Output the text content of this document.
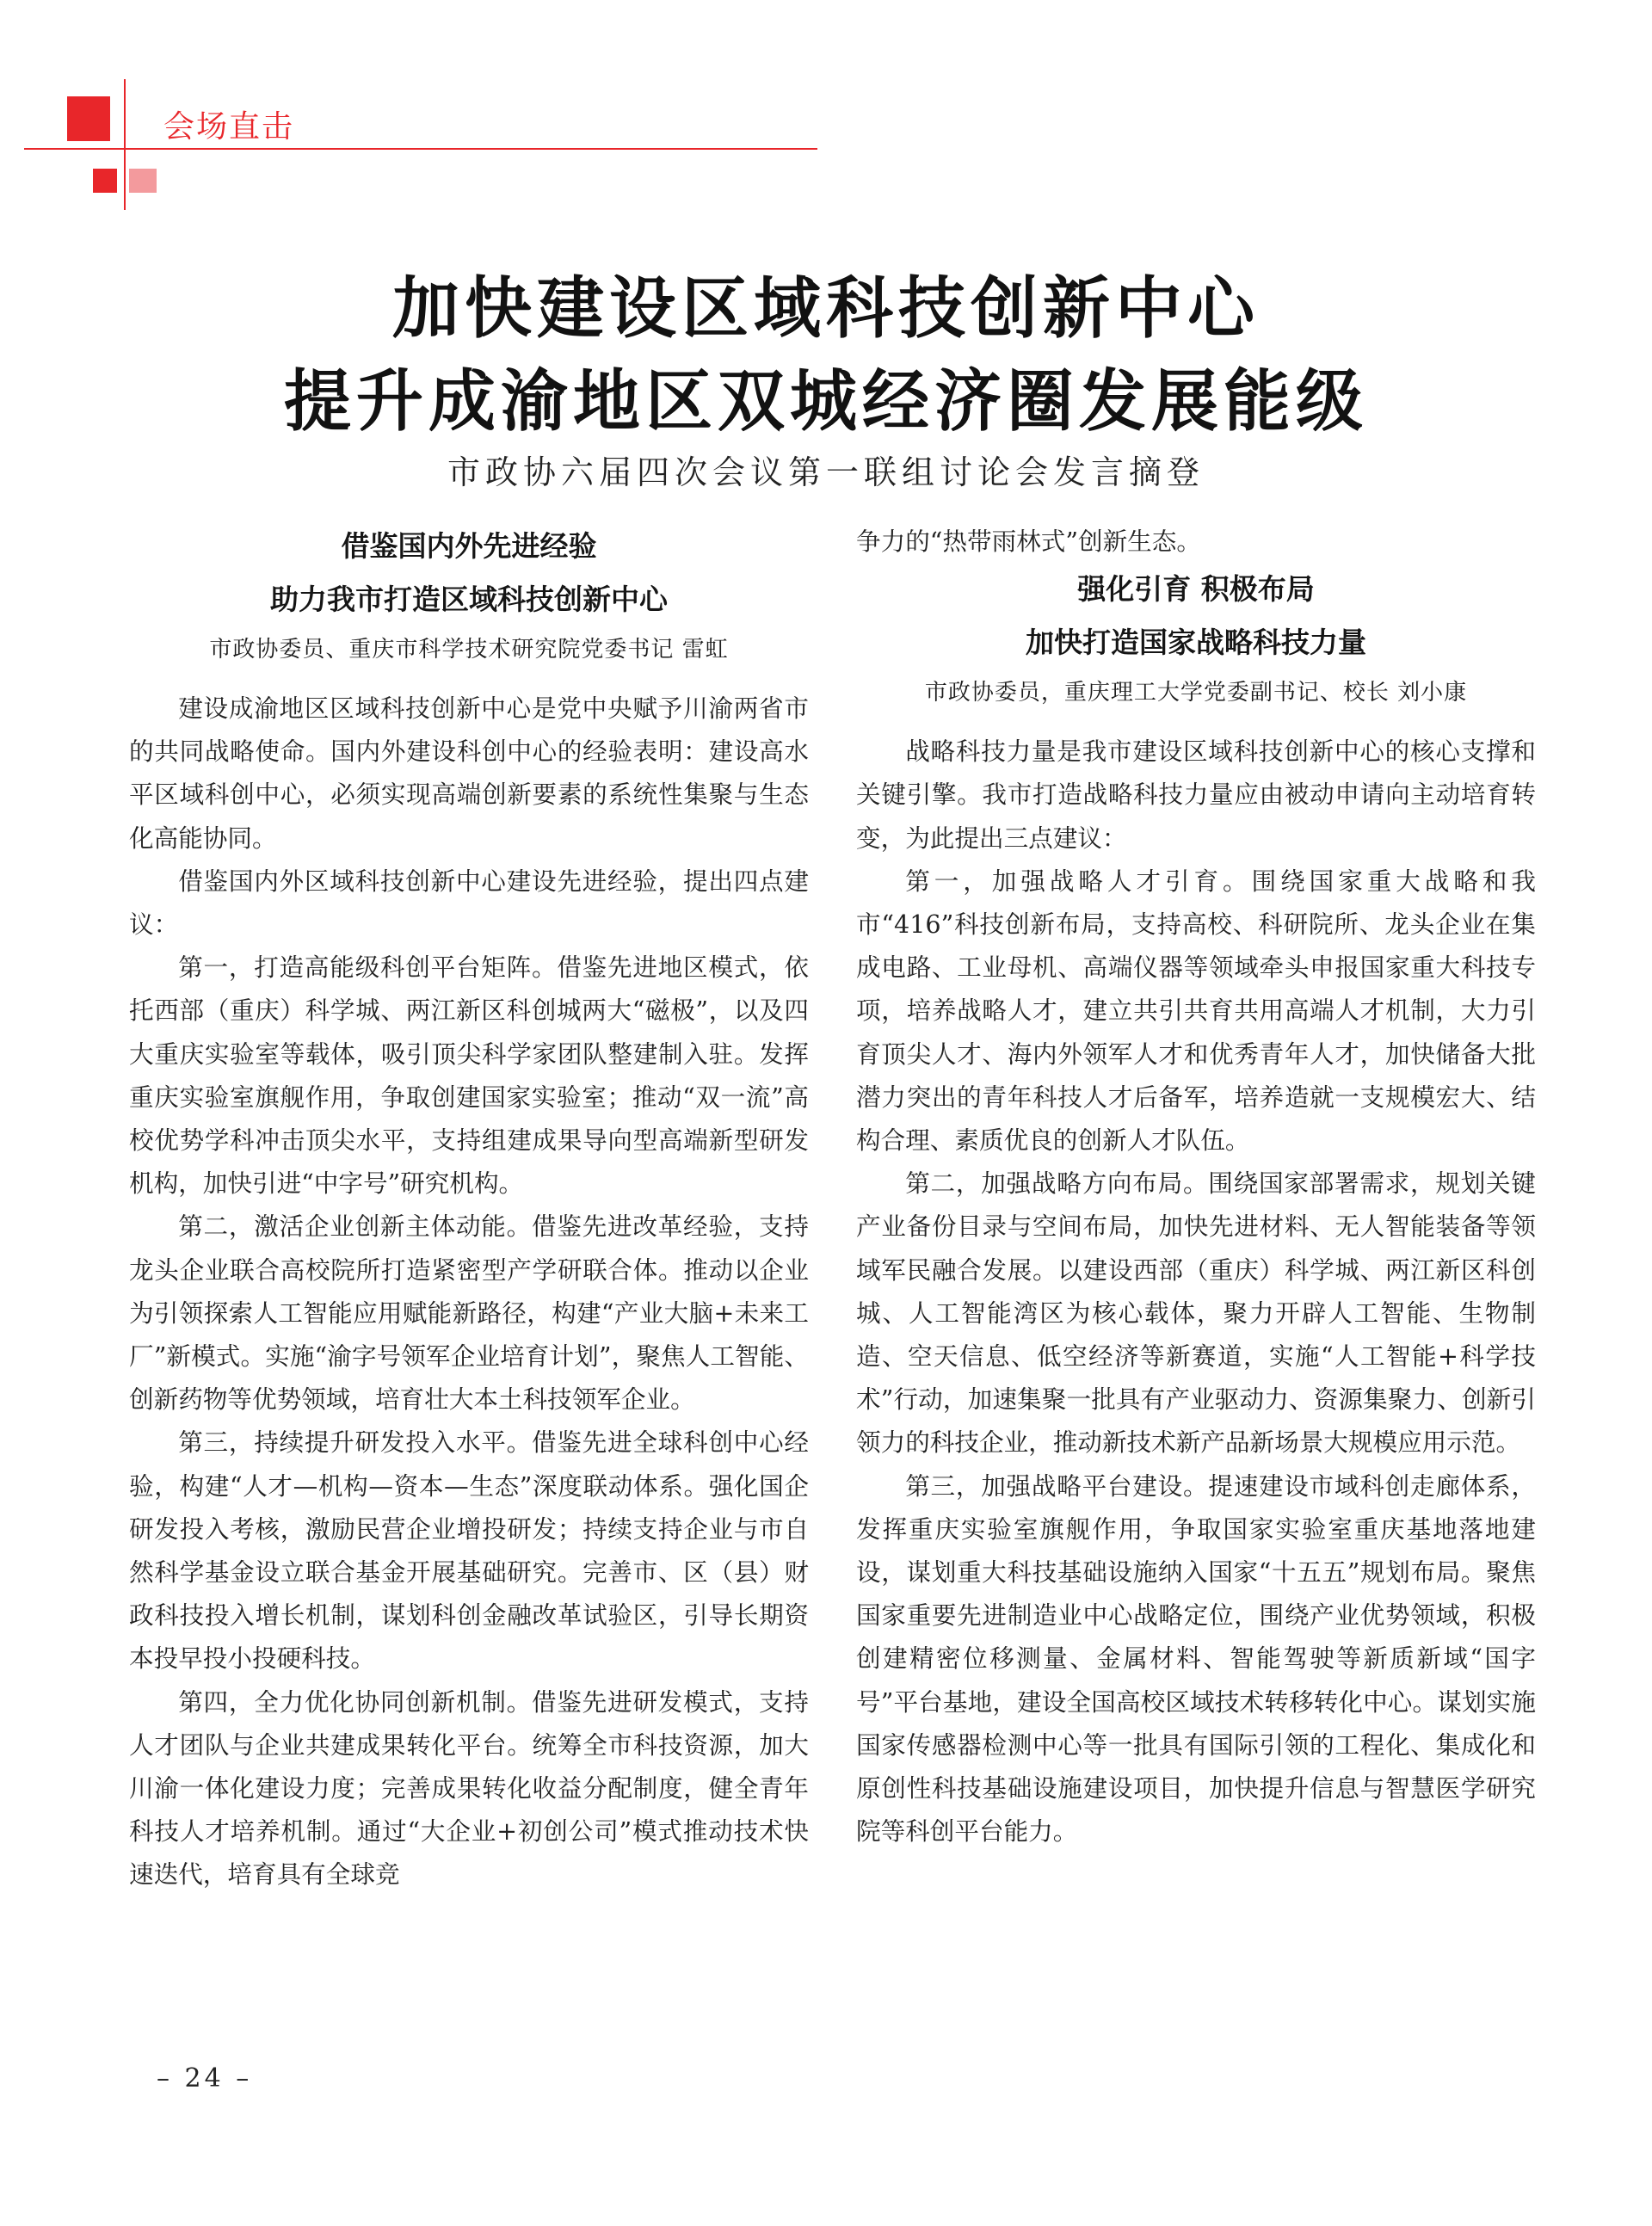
会场直击
加快建设区域科技创新中心
提升成渝地区双城经济圈发展能级
市政协六届四次会议第一联组讨论会发言摘登
借鉴国内外先进经验
助力我市打造区域科技创新中心
市政协委员、重庆市科学技术研究院党委书记 雷虹

建设成渝地区区域科技创新中心是党中央赋予川渝两省市的共同战略使命。国内外建设科创中心的经验表明：建设高水平区域科创中心，必须实现高端创新要素的系统性集聚与生态化高能协同。

借鉴国内外区域科技创新中心建设先进经验，提出四点建议：

第一，打造高能级科创平台矩阵。借鉴先进地区模式，依托西部（重庆）科学城、两江新区科创城两大“磁极”，以及四大重庆实验室等载体，吸引顶尖科学家团队整建制入驻。发挥重庆实验室旗舰作用，争取创建国家实验室；推动“双一流”高校优势学科冲击顶尖水平，支持组建成果导向型高端新型研发机构，加快引进“中字号”研究机构。

第二，激活企业创新主体动能。借鉴先进改革经验，支持龙头企业联合高校院所打造紧密型产学研联合体。推动以企业为引领探索人工智能应用赋能新路径，构建“产业大脑+未来工厂”新模式。实施“渝字号领军企业培育计划”，聚焦人工智能、创新药物等优势领域，培育壮大本土科技领军企业。

第三，持续提升研发投入水平。借鉴先进全球科创中心经验，构建“人才—机构—资本—生态”深度联动体系。强化国企研发投入考核，激励民营企业增投研发；持续支持企业与市自然科学基金设立联合基金开展基础研究。完善市、区（县）财政科技投入增长机制，谋划科创金融改革试验区，引导长期资本投早投小投硬科技。

第四，全力优化协同创新机制。借鉴先进研发模式，支持人才团队与企业共建成果转化平台。统筹全市科技资源，加大川渝一体化建设力度；完善成果转化收益分配制度，健全青年科技人才培养机制。通过“大企业+初创公司”模式推动技术快速迭代，培育具有全球竞

争力的“热带雨林式”创新生态。

强化引育 积极布局
加快打造国家战略科技力量
市政协委员，重庆理工大学党委副书记、校长 刘小康

战略科技力量是我市建设区域科技创新中心的核心支撑和关键引擎。我市打造战略科技力量应由被动申请向主动培育转变，为此提出三点建议：

第一，加强战略人才引育。围绕国家重大战略和我市“416”科技创新布局，支持高校、科研院所、龙头企业在集成电路、工业母机、高端仪器等领域牵头申报国家重大科技专项，培养战略人才，建立共引共育共用高端人才机制，大力引育顶尖人才、海内外领军人才和优秀青年人才，加快储备大批潜力突出的青年科技人才后备军，培养造就一支规模宏大、结构合理、素质优良的创新人才队伍。

第二，加强战略方向布局。围绕国家部署需求，规划关键产业备份目录与空间布局，加快先进材料、无人智能装备等领域军民融合发展。以建设西部（重庆）科学城、两江新区科创城、人工智能湾区为核心载体，聚力开辟人工智能、生物制造、空天信息、低空经济等新赛道，实施“人工智能+科学技术”行动，加速集聚一批具有产业驱动力、资源集聚力、创新引领力的科技企业，推动新技术新产品新场景大规模应用示范。

第三，加强战略平台建设。提速建设市域科创走廊体系，发挥重庆实验室旗舰作用，争取国家实验室重庆基地落地建设，谋划重大科技基础设施纳入国家“十五五”规划布局。聚焦国家重要先进制造业中心战略定位，围绕产业优势领域，积极创建精密位移测量、金属材料、智能驾驶等新质新域“国字号”平台基地，建设全国高校区域技术转移转化中心。谋划实施国家传感器检测中心等一批具有国际引领的工程化、集成化和原创性科技基础设施建设项目，加快提升信息与智慧医学研究院等科创平台能力。

– 24 –
